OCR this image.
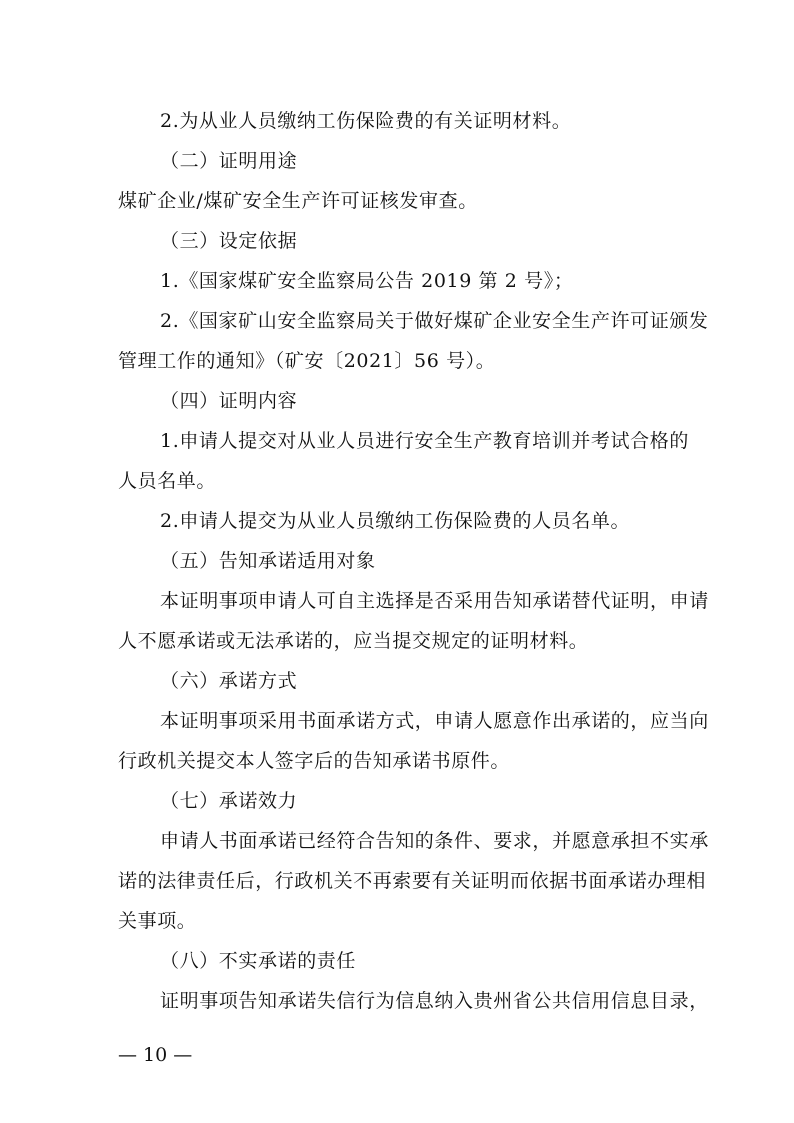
2.为从业人员缴纳工伤保险费的有关证明材料。
（二）证明用途
煤矿企业/煤矿安全生产许可证核发审查。
（三）设定依据
1.《国家煤矿安全监察局公告 2019 第 2 号》；
2.《国家矿山安全监察局关于做好煤矿企业安全生产许可证颁发
管理工作的通知》（矿安〔2021〕56 号）。
（四）证明内容
1.申请人提交对从业人员进行安全生产教育培训并考试合格的
人员名单。
2.申请人提交为从业人员缴纳工伤保险费的人员名单。
（五）告知承诺适用对象
本证明事项申请人可自主选择是否采用告知承诺替代证明，申请
人不愿承诺或无法承诺的，应当提交规定的证明材料。
（六）承诺方式
本证明事项采用书面承诺方式，申请人愿意作出承诺的，应当向
行政机关提交本人签字后的告知承诺书原件。
（七）承诺效力
申请人书面承诺已经符合告知的条件、要求，并愿意承担不实承
诺的法律责任后，行政机关不再索要有关证明而依据书面承诺办理相
关事项。
（八）不实承诺的责任
证明事项告知承诺失信行为信息纳入贵州省公共信用信息目录，
— 10 —
